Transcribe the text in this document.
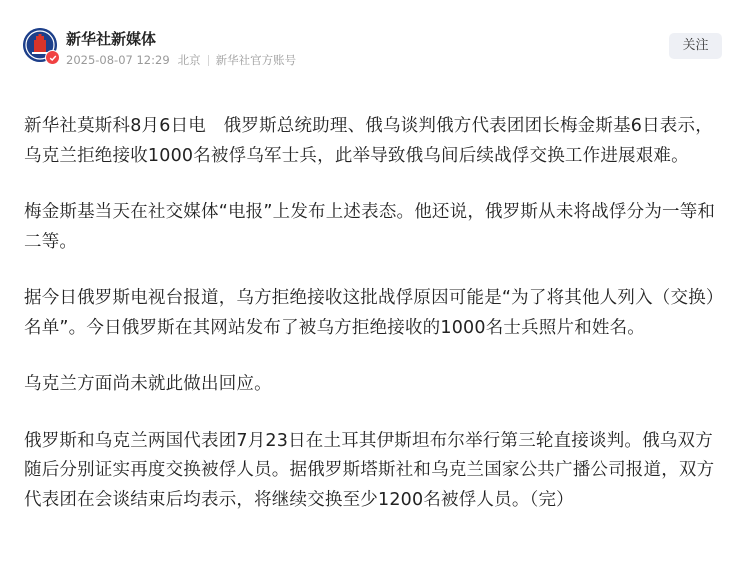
新华社新媒体
2025-08-07 12:29 北京 新华社官方账号
关注

新华社莫斯科8月6日电　俄罗斯总统助理、俄乌谈判俄方代表团团长梅金斯基6日表示，乌克兰拒绝接收1000名被俘乌军士兵，此举导致俄乌间后续战俘交换工作进展艰难。

梅金斯基当天在社交媒体“电报”上发布上述表态。他还说，俄罗斯从未将战俘分为一等和二等。

据今日俄罗斯电视台报道，乌方拒绝接收这批战俘原因可能是“为了将其他人列入（交换）名单”。今日俄罗斯在其网站发布了被乌方拒绝接收的1000名士兵照片和姓名。

乌克兰方面尚未就此做出回应。

俄罗斯和乌克兰两国代表团7月23日在土耳其伊斯坦布尔举行第三轮直接谈判。俄乌双方随后分别证实再度交换被俘人员。据俄罗斯塔斯社和乌克兰国家公共广播公司报道，双方代表团在会谈结束后均表示，将继续交换至少1200名被俘人员。（完）
